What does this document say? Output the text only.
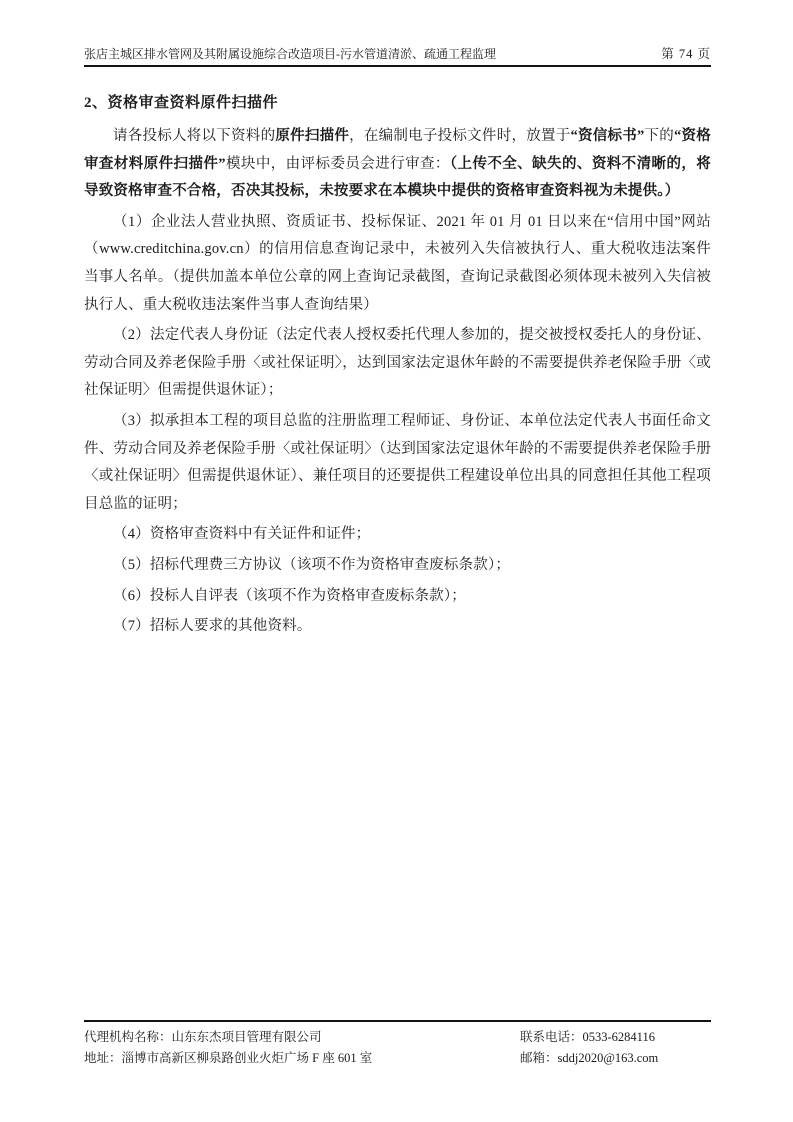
张店主城区排水管网及其附属设施综合改造项目-污水管道清淤、疏通工程监理	第 74 页
2、资格审查资料原件扫描件

请各投标人将以下资料的原件扫描件，在编制电子投标文件时，放置于“资信标书”下的“资格审查材料原件扫描件”模块中，由评标委员会进行审查：（上传不全、缺失的、资料不清晰的，将导致资格审查不合格，否决其投标，未按要求在本模块中提供的资格审查资料视为未提供。）

（1）企业法人营业执照、资质证书、投标保证、2021 年 01 月 01 日以来在“信用中国”网站（www.creditchina.gov.cn）的信用信息查询记录中，未被列入失信被执行人、重大税收违法案件当事人名单。（提供加盖本单位公章的网上查询记录截图，查询记录截图必须体现未被列入失信被执行人、重大税收违法案件当事人查询结果）

（2）法定代表人身份证（法定代表人授权委托代理人参加的，提交被授权委托人的身份证、劳动合同及养老保险手册〈或社保证明〉，达到国家法定退休年龄的不需要提供养老保险手册〈或社保证明〉但需提供退休证）；

（3）拟承担本工程的项目总监的注册监理工程师证、身份证、本单位法定代表人书面任命文件、劳动合同及养老保险手册〈或社保证明〉（达到国家法定退休年龄的不需要提供养老保险手册〈或社保证明〉但需提供退休证）、兼任项目的还要提供工程建设单位出具的同意担任其他工程项目总监的证明；

（4）资格审查资料中有关证件和证件；

（5）招标代理费三方协议（该项不作为资格审查废标条款）；

（6）投标人自评表（该项不作为资格审查废标条款）；

（7）招标人要求的其他资料。

代理机构名称：山东东杰项目管理有限公司	联系电话：0533-6284116
地址：淄博市高新区柳泉路创业火炬广场 F 座 601 室	邮箱：sddj2020@163.com
